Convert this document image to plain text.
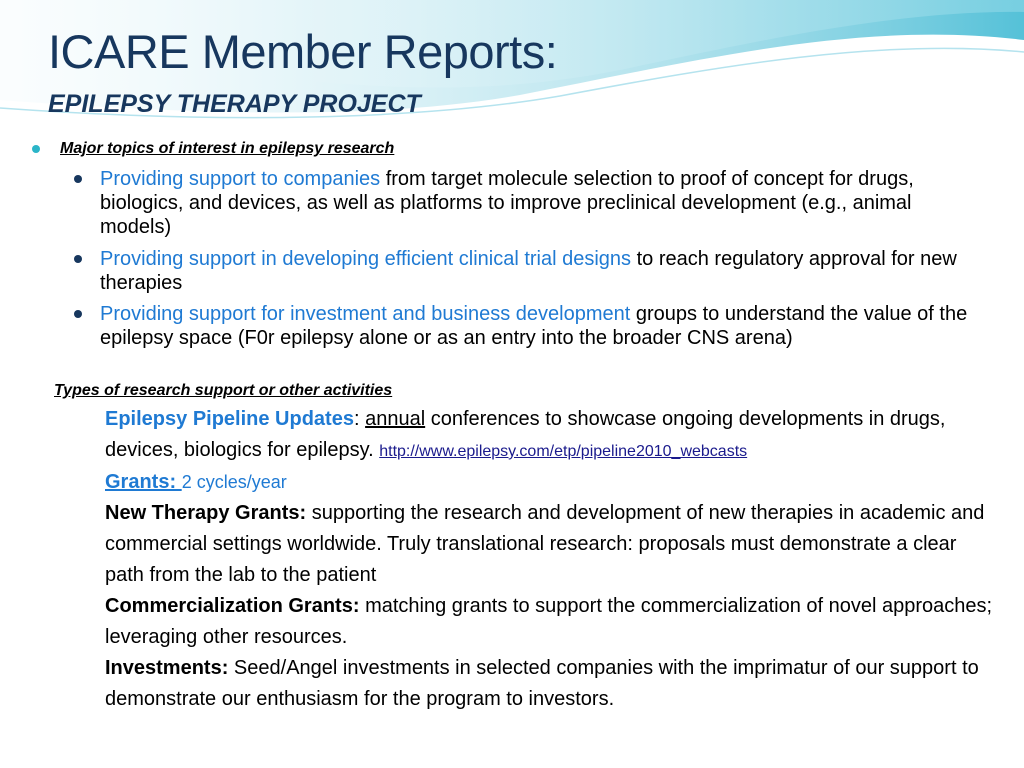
ICARE Member Reports:
EPILEPSY THERAPY PROJECT
Major topics of interest in epilepsy research
Providing support to companies from target molecule selection to proof of concept for drugs, biologics, and devices, as well as platforms to improve preclinical development (e.g., animal models)
Providing support in developing efficient clinical trial designs to reach regulatory approval for new therapies
Providing support for investment and business development groups to understand the value of the epilepsy space (F0r epilepsy alone or as an entry into the broader CNS arena)
Types of research support or other activities

Epilepsy Pipeline Updates: annual conferences to showcase ongoing developments in drugs, devices, biologics for epilepsy. http://www.epilepsy.com/etp/pipeline2010_webcasts

Grants: 2 cycles/year

New Therapy Grants: supporting the research and development of new therapies in academic and commercial settings worldwide. Truly translational research: proposals must demonstrate a clear path from the lab to the patient

Commercialization Grants: matching grants to support the commercialization of novel approaches; leveraging other resources.

Investments: Seed/Angel investments in selected companies with the imprimatur of our support to demonstrate our enthusiasm for the program to investors.
